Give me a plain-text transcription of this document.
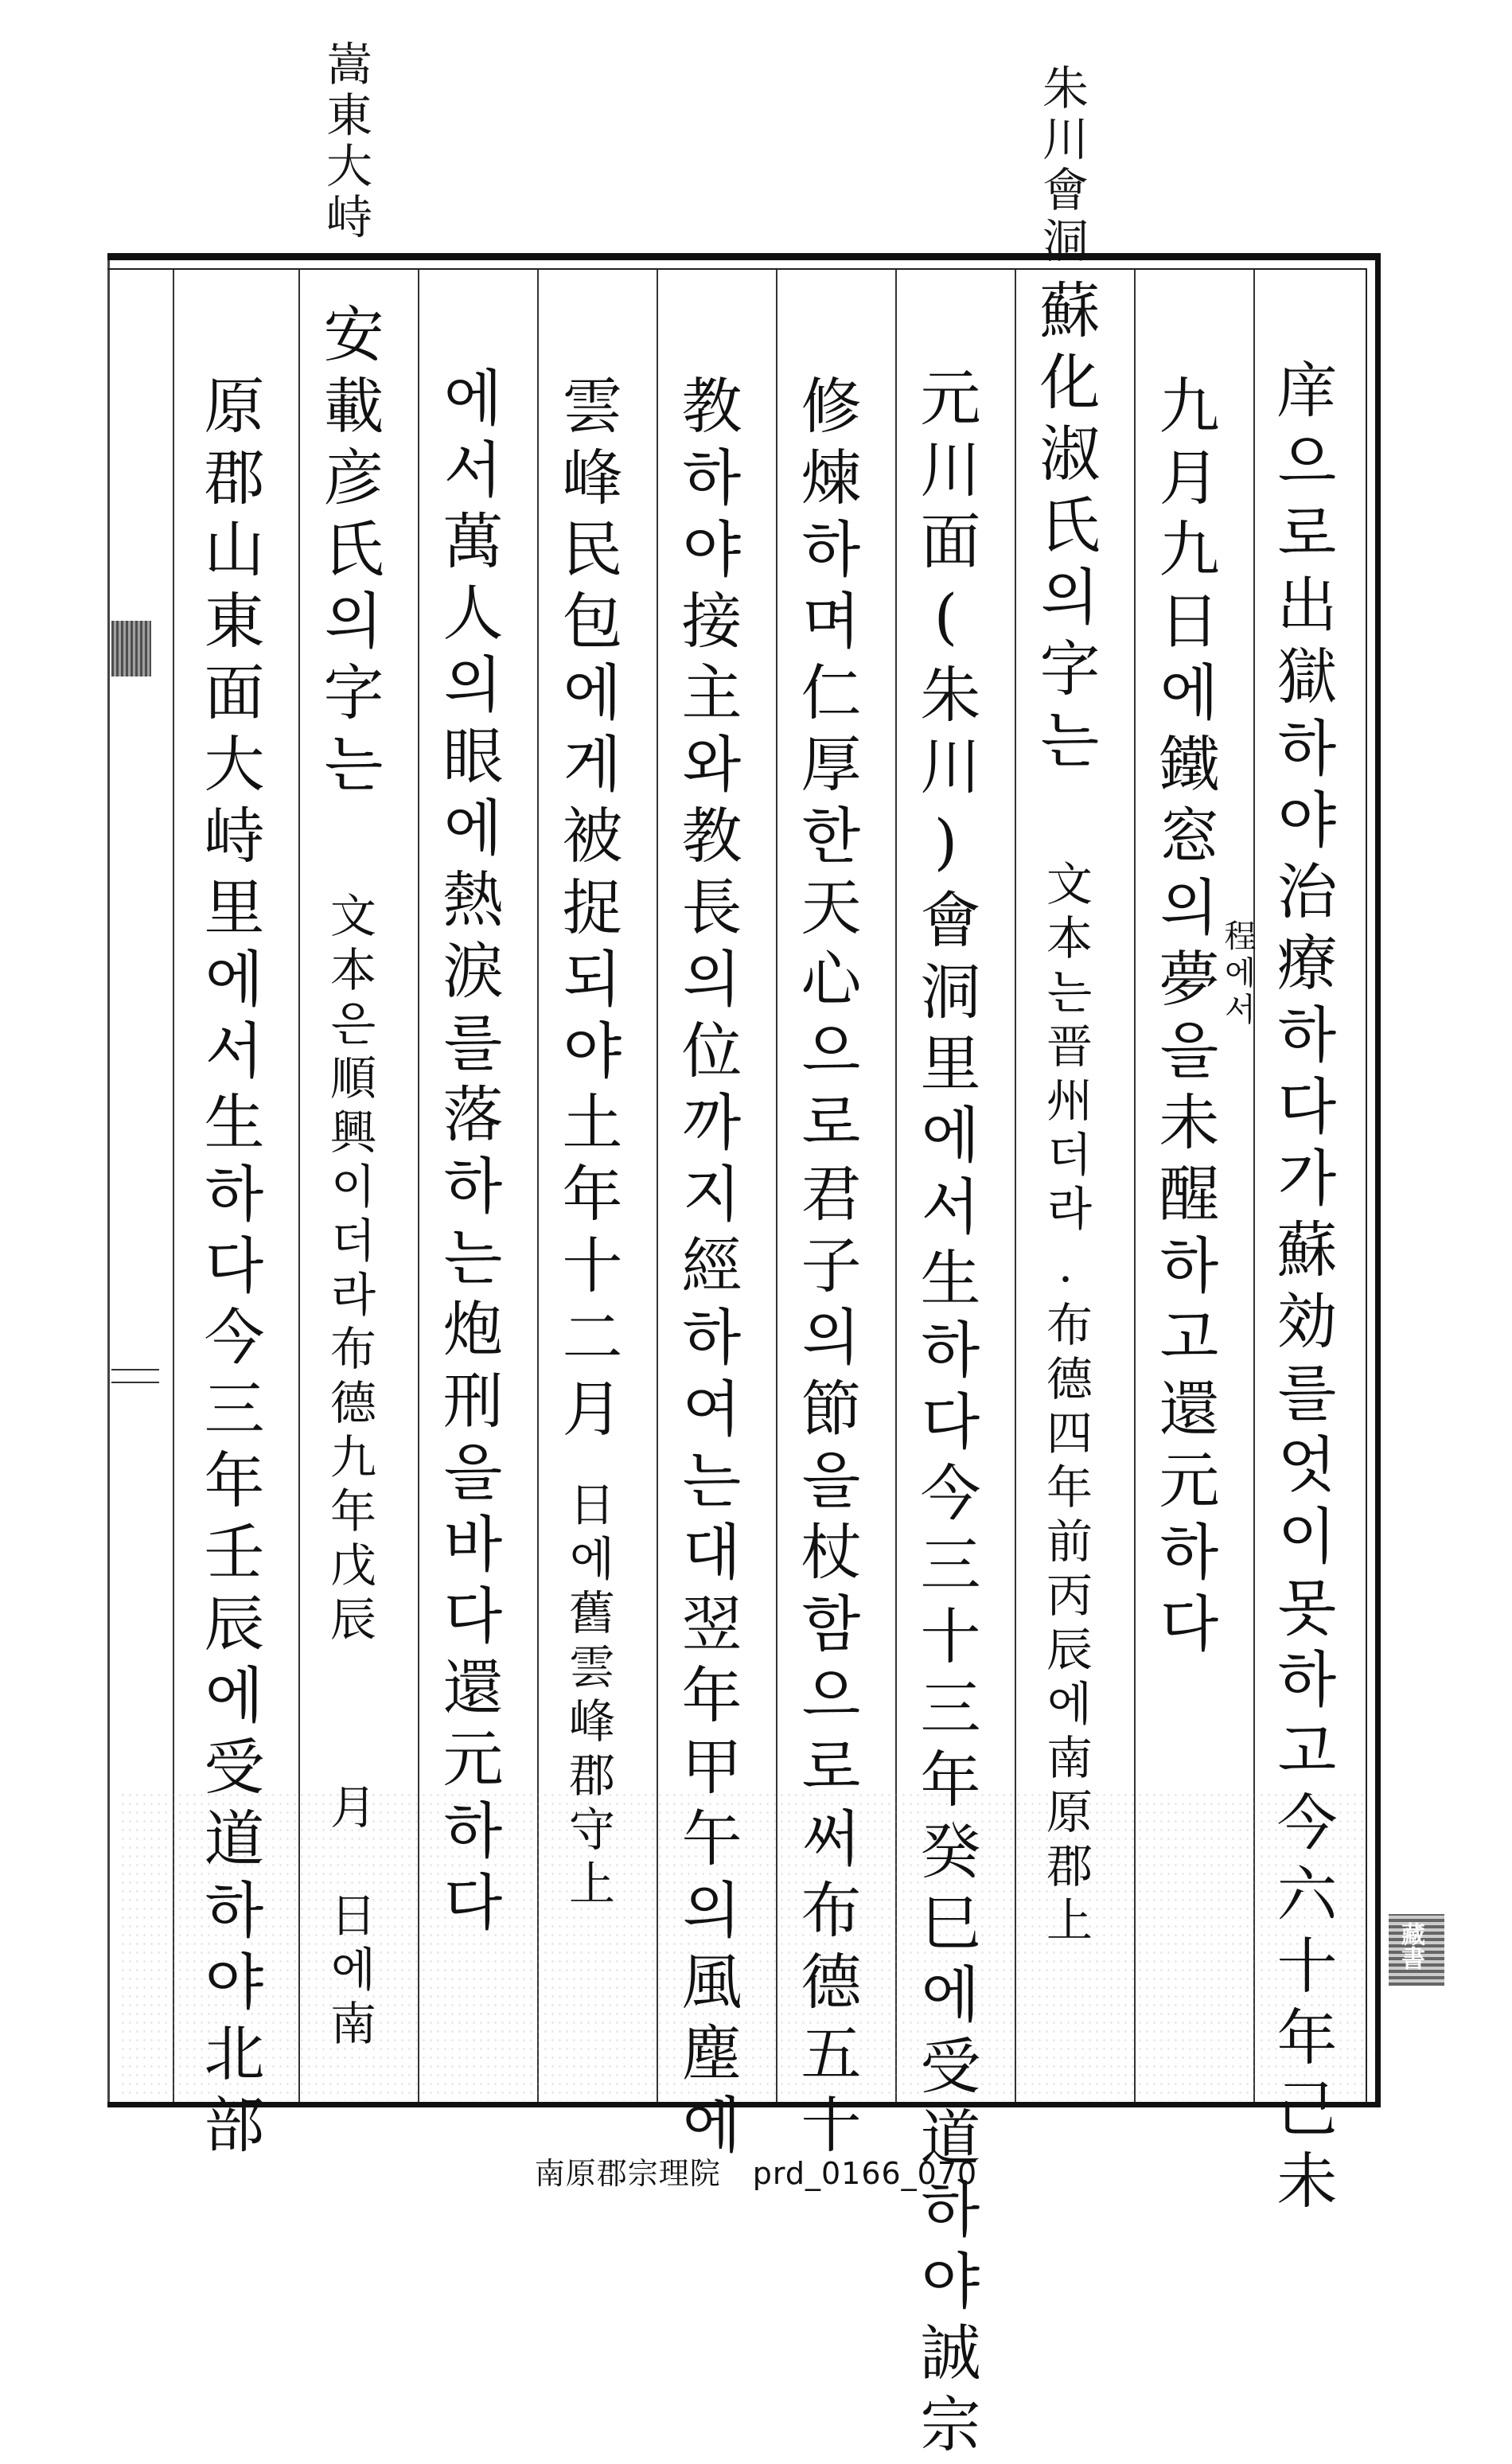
嵩東大峙	朱川會洞
庠으로出獄하야治療하다가蘇効를엇이못하고今六十年己未
九月九日에鐵窓의夢을未醒하고還元하다 程에서
蘇化淑氏의字는
文本는晋州더라.布德四年前丙辰에南原郡上
元川面(朱川)會洞里에서生하다今三十三年癸巳에受道하야誠宗
修煉하며仁厚한天心으로君子의節을杖함으로써布德五十
教하야接主와教長의位까지經하여는대翌年甲午의風塵에
雲峰民包에게被捉되야土年十二月
日에舊雲峰郡守上
에서萬人의眼에熱淚를落하는炮刑을바다還元하다
安載彦氏의字는
文本은順興이더라布德九年戊辰
月　日에南
原郡山東面大峙里에서生하다今三年壬辰에受道하야北部	藏書
南原郡宗理院 prd_0166_070
